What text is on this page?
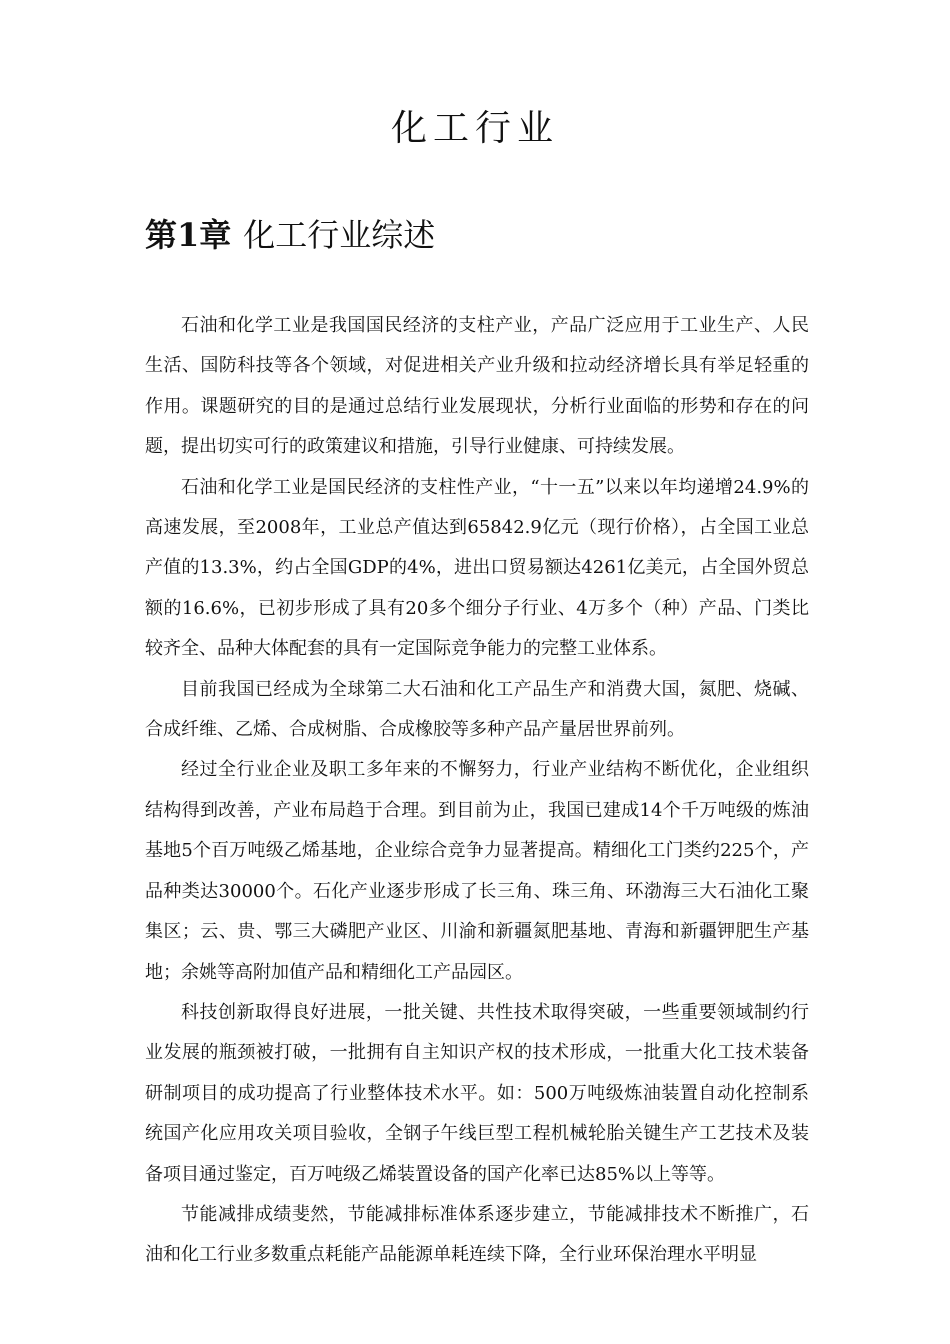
化工行业
第1章 化工行业综述

石油和化学工业是我国国民经济的支柱产业，产品广泛应用于工业生产、人民生活、国防科技等各个领域，对促进相关产业升级和拉动经济增长具有举足轻重的作用。课题研究的目的是通过总结行业发展现状，分析行业面临的形势和存在的问题，提出切实可行的政策建议和措施，引导行业健康、可持续发展。

石油和化学工业是国民经济的支柱性产业，“十一五”以来以年均递增24.9%的高速发展，至2008年，工业总产值达到65842.9亿元（现行价格），占全国工业总产值的13.3%，约占全国GDP的4%，进出口贸易额达4261亿美元，占全国外贸总额的16.6%，已初步形成了具有20多个细分子行业、4万多个（种）产品、门类比较齐全、品种大体配套的具有一定国际竞争能力的完整工业体系。

目前我国已经成为全球第二大石油和化工产品生产和消费大国，氮肥、烧碱、合成纤维、乙烯、合成树脂、合成橡胶等多种产品产量居世界前列。

经过全行业企业及职工多年来的不懈努力，行业产业结构不断优化，企业组织结构得到改善，产业布局趋于合理。到目前为止，我国已建成14个千万吨级的炼油基地5个百万吨级乙烯基地，企业综合竞争力显著提高。精细化工门类约225个，产品种类达30000个。石化产业逐步形成了长三角、珠三角、环渤海三大石油化工聚集区；云、贵、鄂三大磷肥产业区、川渝和新疆氮肥基地、青海和新疆钾肥生产基地；余姚等高附加值产品和精细化工产品园区。

科技创新取得良好进展，一批关键、共性技术取得突破，一些重要领域制约行业发展的瓶颈被打破，一批拥有自主知识产权的技术形成，一批重大化工技术装备研制项目的成功提高了行业整体技术水平。如：500万吨级炼油装置自动化控制系统国产化应用攻关项目验收，全钢子午线巨型工程机械轮胎关键生产工艺技术及装备项目通过鉴定，百万吨级乙烯装置设备的国产化率已达85%以上等等。

节能减排成绩斐然，节能减排标准体系逐步建立，节能减排技术不断推广，石油和化工行业多数重点耗能产品能源单耗连续下降，全行业环保治理水平明显
